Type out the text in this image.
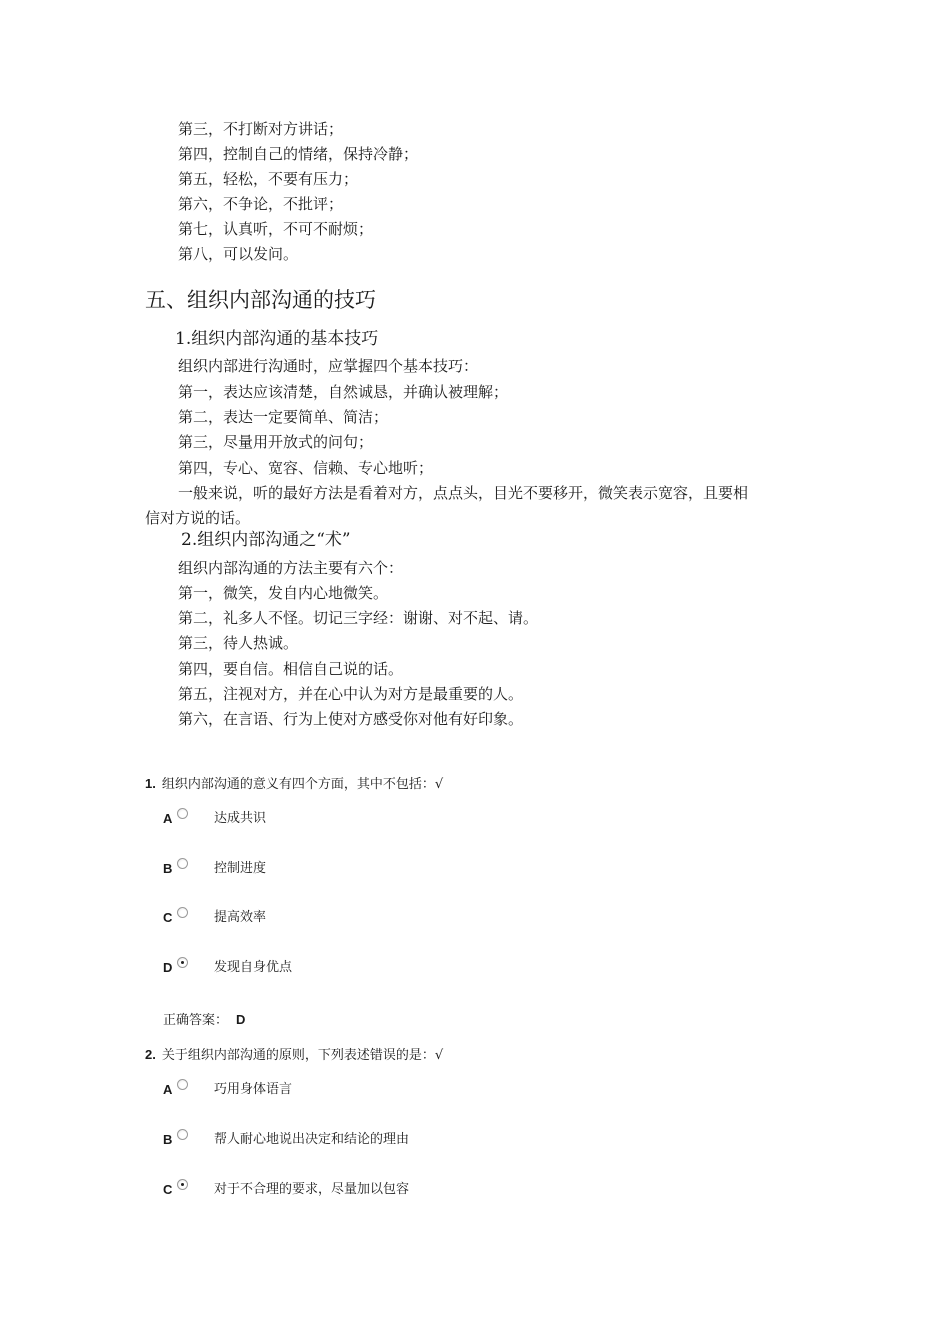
第三，不打断对方讲话；
第四，控制自己的情绪，保持冷静；
第五，轻松，不要有压力；
第六，不争论，不批评；
第七，认真听，不可不耐烦；
第八，可以发问。
五、组织内部沟通的技巧
1.组织内部沟通的基本技巧
组织内部进行沟通时，应掌握四个基本技巧：
第一，表达应该清楚，自然诚恳，并确认被理解；
第二，表达一定要简单、简洁；
第三，尽量用开放式的问句；
第四，专心、宽容、信赖、专心地听；
一般来说，听的最好方法是看着对方，点点头，目光不要移开，微笑表示宽容，且要相
信对方说的话。
2.组织内部沟通之“术”
组织内部沟通的方法主要有六个：
第一，微笑，发自内心地微笑。
第二，礼多人不怪。切记三字经：谢谢、对不起、请。
第三，待人热诚。
第四，要自信。相信自己说的话。
第五，注视对方，并在心中认为对方是最重要的人。
第六，在言语、行为上使对方感受你对他有好印象。
1. 组织内部沟通的意义有四个方面，其中不包括：√
A	达成共识
B	控制进度
C	提高效率
D	发现自身优点
正确答案： D
2. 关于组织内部沟通的原则，下列表述错误的是：√
A	巧用身体语言
B	帮人耐心地说出决定和结论的理由
C	对于不合理的要求，尽量加以包容
